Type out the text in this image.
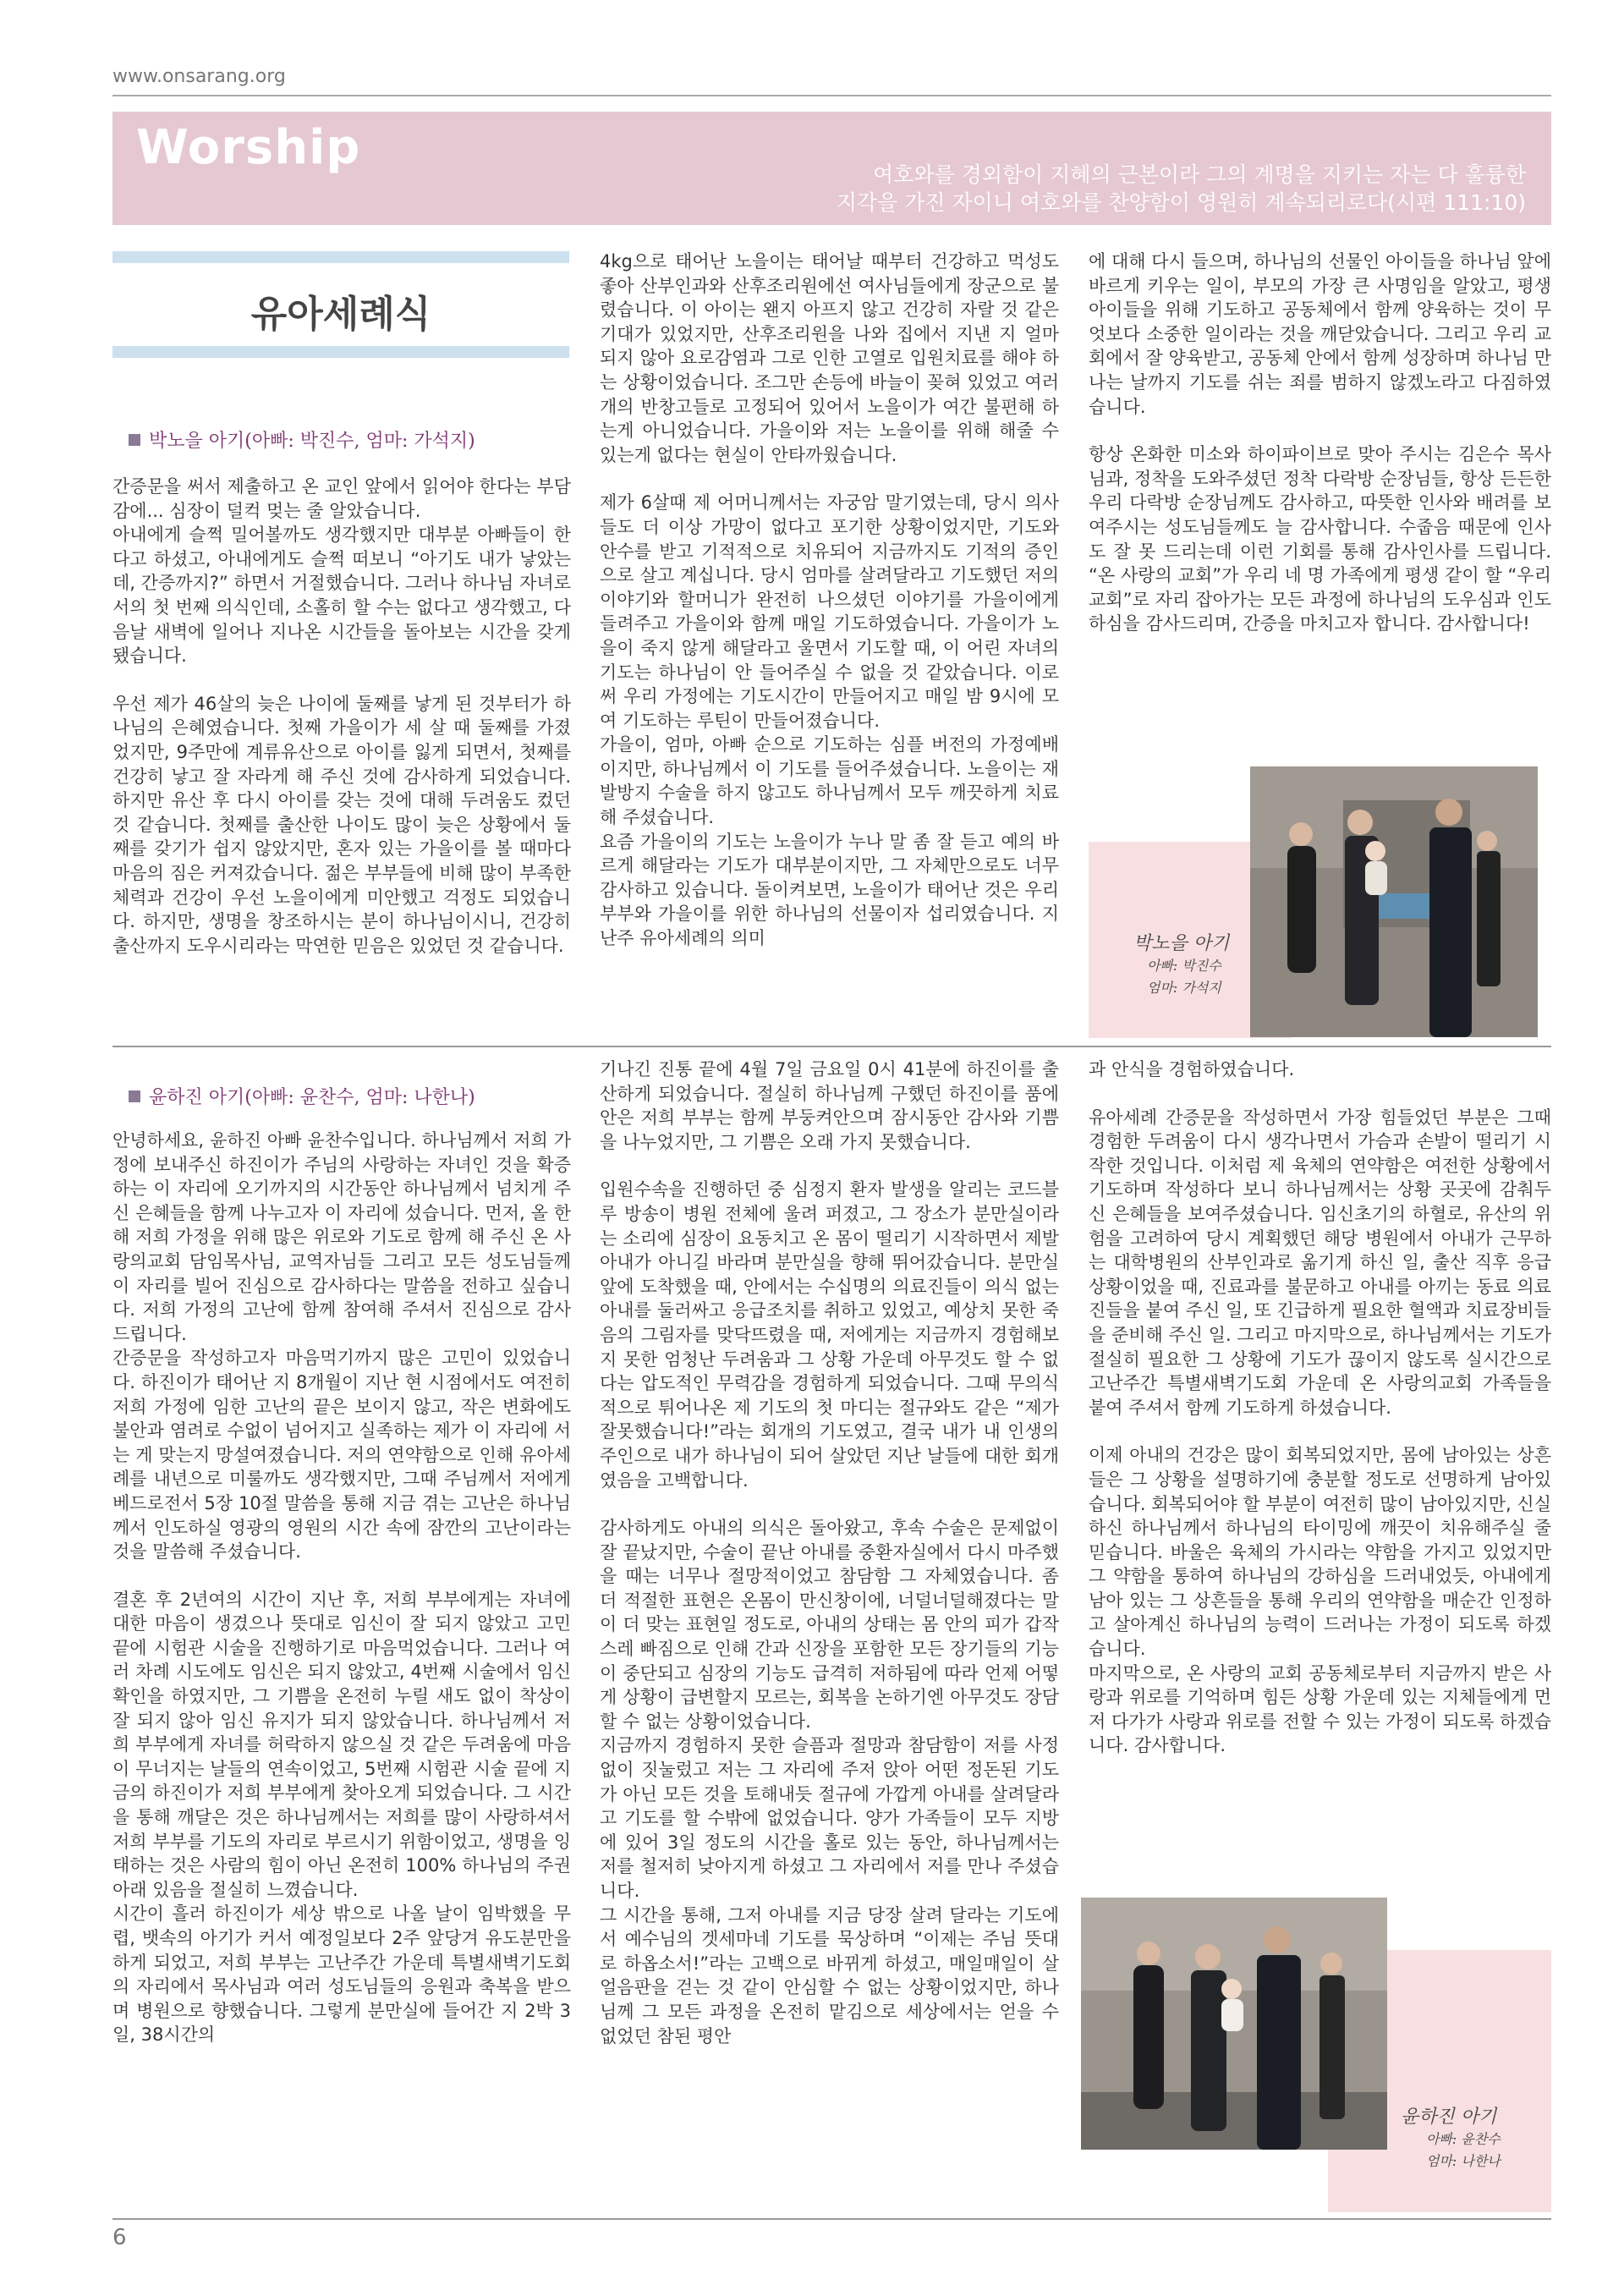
www.onsarang.org
Worship	여호와를 경외함이 지혜의 근본이라 그의 계명을 지키는 자는 다 훌륭한
지각을 가진 자이니 여호와를 찬양함이 영원히 계속되리로다(시편 111:10)
유아세례식
박노을 아기(아빠: 박진수, 엄마: 가석지)

간증문을 써서 제출하고 온 교인 앞에서 읽어야 한다는 부담감에... 심장이 덜컥 멎는 줄 알았습니다.
아내에게 슬쩍 밀어볼까도 생각했지만 대부분 아빠들이 한다고 하셨고, 아내에게도 슬쩍 떠보니 “아기도 내가 낳았는데, 간증까지?” 하면서 거절했습니다. 그러나 하나님 자녀로서의 첫 번째 의식인데, 소홀히 할 수는 없다고 생각했고, 다음날 새벽에 일어나 지나온 시간들을 돌아보는 시간을 갖게 됐습니다.

우선 제가 46살의 늦은 나이에 둘째를 낳게 된 것부터가 하나님의 은혜였습니다. 첫째 가을이가 세 살 때 둘째를 가졌었지만, 9주만에 계류유산으로 아이를 잃게 되면서, 첫째를 건강히 낳고 잘 자라게 해 주신 것에 감사하게 되었습니다. 하지만 유산 후 다시 아이를 갖는 것에 대해 두려움도 컸던 것 같습니다. 첫째를 출산한 나이도 많이 늦은 상황에서 둘째를 갖기가 쉽지 않았지만, 혼자 있는 가을이를 볼 때마다 마음의 짐은 커져갔습니다. 젊은 부부들에 비해 많이 부족한 체력과 건강이 우선 노을이에게 미안했고 걱정도 되었습니다. 하지만, 생명을 창조하시는 분이 하나님이시니, 건강히 출산까지 도우시리라는 막연한 믿음은 있었던 것 같습니다.

4kg으로 태어난 노을이는 태어날 때부터 건강하고 먹성도 좋아 산부인과와 산후조리원에선 여사님들에게 장군으로 불렸습니다. 이 아이는 왠지 아프지 않고 건강히 자랄 것 같은 기대가 있었지만, 산후조리원을 나와 집에서 지낸 지 얼마 되지 않아 요로감염과 그로 인한 고열로 입원치료를 해야 하는 상황이었습니다. 조그만 손등에 바늘이 꽂혀 있었고 여러 개의 반창고들로 고정되어 있어서 노을이가 여간 불편해 하는게 아니었습니다. 가을이와 저는 노을이를 위해 해줄 수 있는게 없다는 현실이 안타까웠습니다.

제가 6살때 제 어머니께서는 자궁암 말기였는데, 당시 의사들도 더 이상 가망이 없다고 포기한 상황이었지만, 기도와 안수를 받고 기적적으로 치유되어 지금까지도 기적의 증인으로 살고 계십니다. 당시 엄마를 살려달라고 기도했던 저의 이야기와 할머니가 완전히 나으셨던 이야기를 가을이에게 들려주고 가을이와 함께 매일 기도하였습니다. 가을이가 노을이 죽지 않게 해달라고 울면서 기도할 때, 이 어린 자녀의 기도는 하나님이 안 들어주실 수 없을 것 같았습니다. 이로써 우리 가정에는 기도시간이 만들어지고 매일 밤 9시에 모여 기도하는 루틴이 만들어졌습니다.
가을이, 엄마, 아빠 순으로 기도하는 심플 버전의 가정예배이지만, 하나님께서 이 기도를 들어주셨습니다. 노을이는 재발방지 수술을 하지 않고도 하나님께서 모두 깨끗하게 치료해 주셨습니다.
요즘 가을이의 기도는 노을이가 누나 말 좀 잘 듣고 예의 바르게 해달라는 기도가 대부분이지만, 그 자체만으로도 너무 감사하고 있습니다. 돌이켜보면, 노을이가 태어난 것은 우리 부부와 가을이를 위한 하나님의 선물이자 섭리였습니다. 지난주 유아세례의 의미

에 대해 다시 들으며, 하나님의 선물인 아이들을 하나님 앞에 바르게 키우는 일이, 부모의 가장 큰 사명임을 알았고, 평생 아이들을 위해 기도하고 공동체에서 함께 양육하는 것이 무엇보다 소중한 일이라는 것을 깨닫았습니다. 그리고 우리 교회에서 잘 양육받고, 공동체 안에서 함께 성장하며 하나님 만나는 날까지 기도를 쉬는 죄를 범하지 않겠노라고 다짐하였습니다.

항상 온화한 미소와 하이파이브로 맞아 주시는 김은수 목사님과, 정착을 도와주셨던 정착 다락방 순장님들, 항상 든든한 우리 다락방 순장님께도 감사하고, 따뜻한 인사와 배려를 보여주시는 성도님들께도 늘 감사합니다. 수줍음 때문에 인사도 잘 못 드리는데 이런 기회를 통해 감사인사를 드립니다. “온 사랑의 교회”가 우리 네 명 가족에게 평생 같이 할 “우리 교회”로 자리 잡아가는 모든 과정에 하나님의 도우심과 인도하심을 감사드리며, 간증을 마치고자 합니다. 감사합니다!

박노을 아기
아빠: 박진수
엄마: 가석지
윤하진 아기(아빠: 윤찬수, 엄마: 나한나)

안녕하세요, 윤하진 아빠 윤찬수입니다. 하나님께서 저희 가정에 보내주신 하진이가 주님의 사랑하는 자녀인 것을 확증하는 이 자리에 오기까지의 시간동안 하나님께서 넘치게 주신 은혜들을 함께 나누고자 이 자리에 섰습니다. 먼저, 올 한해 저희 가정을 위해 많은 위로와 기도로 함께 해 주신 온 사랑의교회 담임목사님, 교역자님들 그리고 모든 성도님들께 이 자리를 빌어 진심으로 감사하다는 말씀을 전하고 싶습니다. 저희 가정의 고난에 함께 참여해 주셔서 진심으로 감사드립니다.
간증문을 작성하고자 마음먹기까지 많은 고민이 있었습니다. 하진이가 태어난 지 8개월이 지난 현 시점에서도 여전히 저희 가정에 임한 고난의 끝은 보이지 않고, 작은 변화에도 불안과 염려로 수없이 넘어지고 실족하는 제가 이 자리에 서는 게 맞는지 망설여졌습니다. 저의 연약함으로 인해 유아세례를 내년으로 미룰까도 생각했지만, 그때 주님께서 저에게 베드로전서 5장 10절 말씀을 통해 지금 겪는 고난은 하나님께서 인도하실 영광의 영원의 시간 속에 잠깐의 고난이라는 것을 말씀해 주셨습니다.

결혼 후 2년여의 시간이 지난 후, 저희 부부에게는 자녀에 대한 마음이 생겼으나 뜻대로 임신이 잘 되지 않았고 고민 끝에 시험관 시술을 진행하기로 마음먹었습니다. 그러나 여러 차례 시도에도 임신은 되지 않았고, 4번째 시술에서 임신확인을 하였지만, 그 기쁨을 온전히 누릴 새도 없이 착상이 잘 되지 않아 임신 유지가 되지 않았습니다. 하나님께서 저희 부부에게 자녀를 허락하지 않으실 것 같은 두려움에 마음이 무너지는 날들의 연속이었고, 5번째 시험관 시술 끝에 지금의 하진이가 저희 부부에게 찾아오게 되었습니다. 그 시간을 통해 깨달은 것은 하나님께서는 저희를 많이 사랑하셔서 저희 부부를 기도의 자리로 부르시기 위함이었고, 생명을 잉태하는 것은 사람의 힘이 아닌 온전히 100% 하나님의 주권아래 있음을 절실히 느꼈습니다.
시간이 흘러 하진이가 세상 밖으로 나올 날이 임박했을 무렵, 뱃속의 아기가 커서 예정일보다 2주 앞당겨 유도분만을 하게 되었고, 저희 부부는 고난주간 가운데 특별새벽기도회의 자리에서 목사님과 여러 성도님들의 응원과 축복을 받으며 병원으로 향했습니다. 그렇게 분만실에 들어간 지 2박 3일, 38시간의

기나긴 진통 끝에 4월 7일 금요일 0시 41분에 하진이를 출산하게 되었습니다. 절실히 하나님께 구했던 하진이를 품에 안은 저희 부부는 함께 부둥켜안으며 잠시동안 감사와 기쁨을 나누었지만, 그 기쁨은 오래 가지 못했습니다.

입원수속을 진행하던 중 심정지 환자 발생을 알리는 코드블루 방송이 병원 전체에 울려 퍼졌고, 그 장소가 분만실이라는 소리에 심장이 요동치고 온 몸이 떨리기 시작하면서 제발 아내가 아니길 바라며 분만실을 향해 뛰어갔습니다. 분만실 앞에 도착했을 때, 안에서는 수십명의 의료진들이 의식 없는 아내를 둘러싸고 응급조치를 취하고 있었고, 예상치 못한 죽음의 그림자를 맞닥뜨렸을 때, 저에게는 지금까지 경험해보지 못한 엄청난 두려움과 그 상황 가운데 아무것도 할 수 없다는 압도적인 무력감을 경험하게 되었습니다. 그때 무의식적으로 튀어나온 제 기도의 첫 마디는 절규와도 같은 “제가 잘못했습니다!”라는 회개의 기도였고, 결국 내가 내 인생의 주인으로 내가 하나님이 되어 살았던 지난 날들에 대한 회개였음을 고백합니다.

감사하게도 아내의 의식은 돌아왔고, 후속 수술은 문제없이 잘 끝났지만, 수술이 끝난 아내를 중환자실에서 다시 마주했을 때는 너무나 절망적이었고 참담함 그 자체였습니다. 좀 더 적절한 표현은 온몸이 만신창이에, 너덜너덜해졌다는 말이 더 맞는 표현일 정도로, 아내의 상태는 몸 안의 피가 갑작스레 빠짐으로 인해 간과 신장을 포함한 모든 장기들의 기능이 중단되고 심장의 기능도 급격히 저하됨에 따라 언제 어떻게 상황이 급변할지 모르는, 회복을 논하기엔 아무것도 장담할 수 없는 상황이었습니다.
지금까지 경험하지 못한 슬픔과 절망과 참담함이 저를 사정없이 짓눌렀고 저는 그 자리에 주저 앉아 어떤 정돈된 기도가 아닌 모든 것을 토해내듯 절규에 가깝게 아내를 살려달라고 기도를 할 수밖에 없었습니다. 양가 가족들이 모두 지방에 있어 3일 정도의 시간을 홀로 있는 동안, 하나님께서는 저를 철저히 낮아지게 하셨고 그 자리에서 저를 만나 주셨습니다.
그 시간을 통해, 그저 아내를 지금 당장 살려 달라는 기도에서 예수님의 겟세마네 기도를 묵상하며 “이제는 주님 뜻대로 하옵소서!”라는 고백으로 바뀌게 하셨고, 매일매일이 살얼음판을 걷는 것 같이 안심할 수 없는 상황이었지만, 하나님께 그 모든 과정을 온전히 맡김으로 세상에서는 얻을 수 없었던 참된 평안

과 안식을 경험하였습니다.

유아세례 간증문을 작성하면서 가장 힘들었던 부분은 그때 경험한 두려움이 다시 생각나면서 가슴과 손발이 떨리기 시작한 것입니다. 이처럼 제 육체의 연약함은 여전한 상황에서 기도하며 작성하다 보니 하나님께서는 상황 곳곳에 감춰두신 은혜들을 보여주셨습니다. 임신초기의 하혈로, 유산의 위험을 고려하여 당시 계획했던 해당 병원에서 아내가 근무하는 대학병원의 산부인과로 옮기게 하신 일, 출산 직후 응급 상황이었을 때, 진료과를 불문하고 아내를 아끼는 동료 의료진들을 붙여 주신 일, 또 긴급하게 필요한 혈액과 치료장비들을 준비해 주신 일. 그리고 마지막으로, 하나님께서는 기도가 절실히 필요한 그 상황에 기도가 끊이지 않도록 실시간으로 고난주간 특별새벽기도회 가운데 온 사랑의교회 가족들을 붙여 주셔서 함께 기도하게 하셨습니다.

이제 아내의 건강은 많이 회복되었지만, 몸에 남아있는 상흔들은 그 상황을 설명하기에 충분할 정도로 선명하게 남아있습니다. 회복되어야 할 부분이 여전히 많이 남아있지만, 신실하신 하나님께서 하나님의 타이밍에 깨끗이 치유해주실 줄 믿습니다. 바울은 육체의 가시라는 약함을 가지고 있었지만 그 약함을 통하여 하나님의 강하심을 드러내었듯, 아내에게 남아 있는 그 상흔들을 통해 우리의 연약함을 매순간 인정하고 살아계신 하나님의 능력이 드러나는 가정이 되도록 하겠습니다.
마지막으로, 온 사랑의 교회 공동체로부터 지금까지 받은 사랑과 위로를 기억하며 힘든 상황 가운데 있는 지체들에게 먼저 다가가 사랑과 위로를 전할 수 있는 가정이 되도록 하겠습니다. 감사합니다.

윤하진 아기
아빠: 윤찬수
엄마: 나한나
6
